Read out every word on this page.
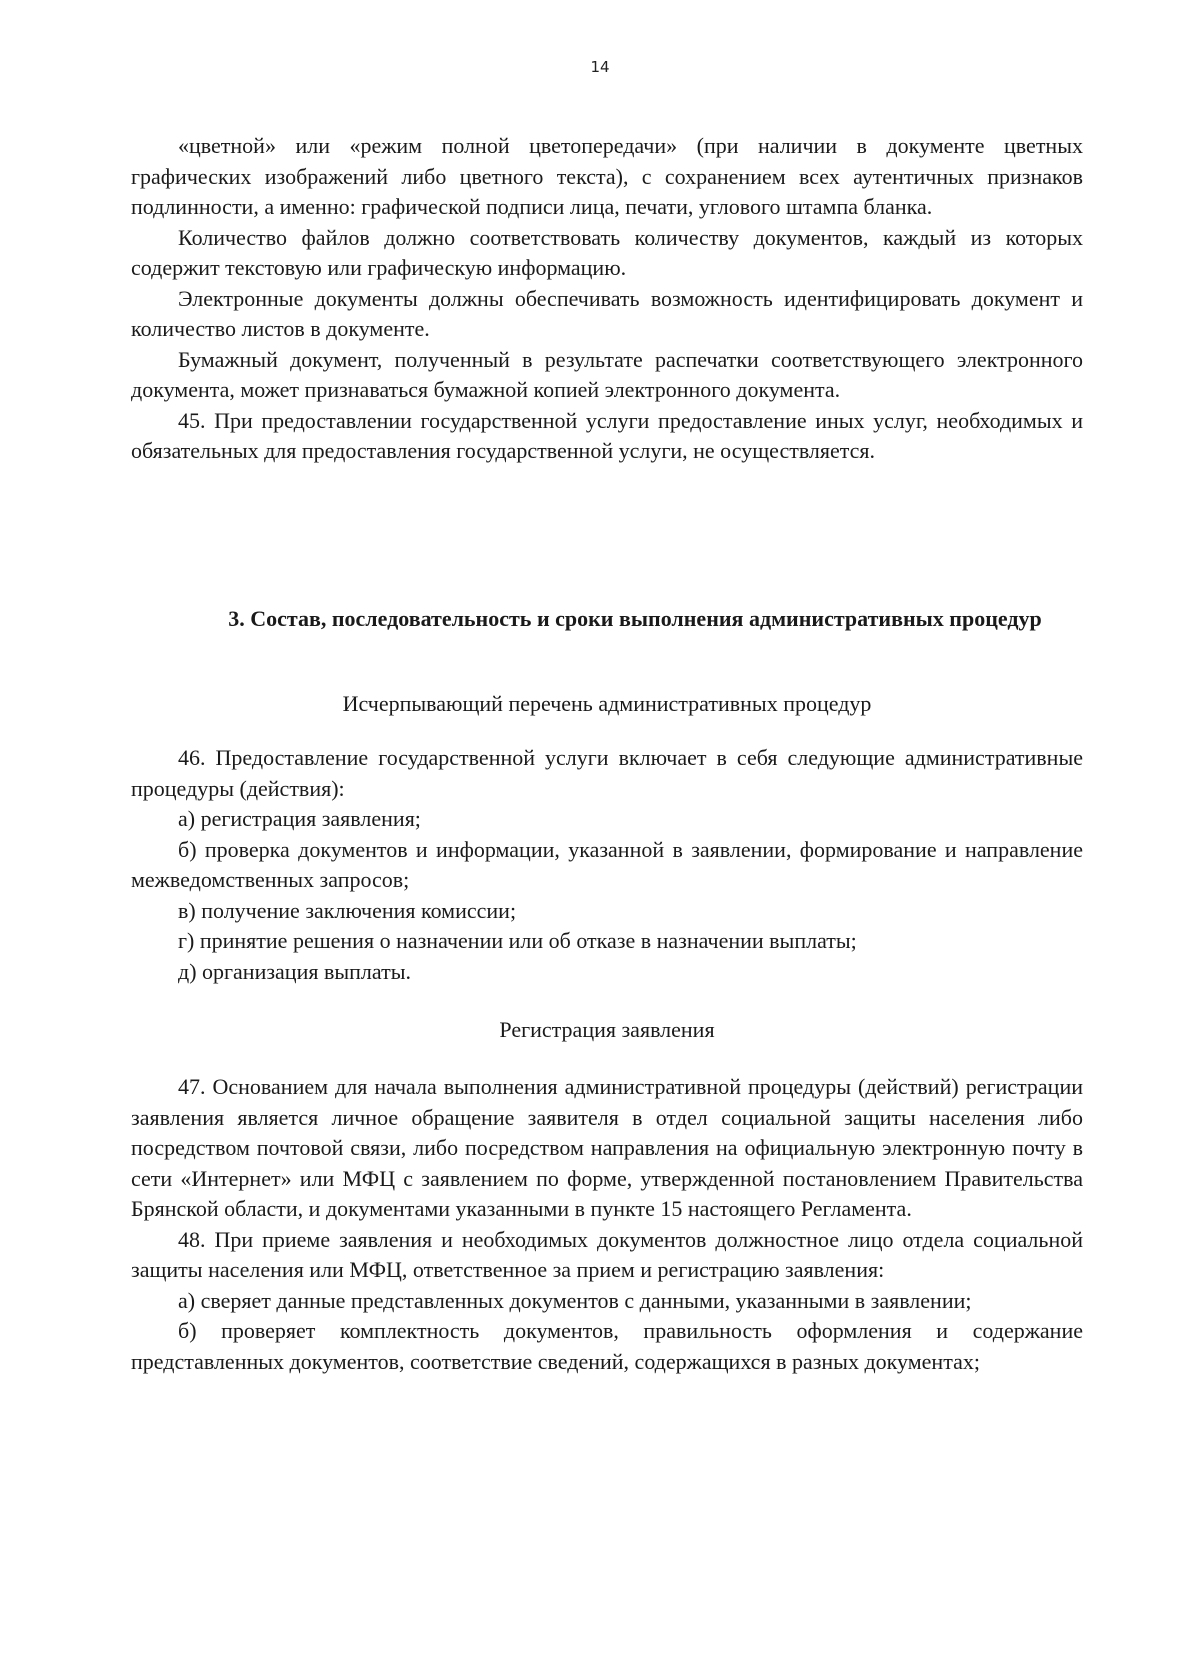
14

«цветной» или «режим полной цветопередачи» (при наличии в документе цветных графических изображений либо цветного текста), с сохранением всех аутентичных признаков подлинности, а именно: графической подписи лица, печати, углового штампа бланка.

Количество файлов должно соответствовать количеству документов, каждый из которых содержит текстовую или графическую информацию.

Электронные документы должны обеспечивать возможность идентифицировать документ и количество листов в документе.

Бумажный документ, полученный в результате распечатки соответствующего электронного документа, может признаваться бумажной копией электронного документа.

45. При предоставлении государственной услуги предоставление иных услуг, необходимых и обязательных для предоставления государственной услуги, не осуществляется.

3. Состав, последовательность и сроки выполнения административных процедур
Исчерпывающий перечень административных процедур

46. Предоставление государственной услуги включает в себя следующие административные процедуры (действия):

а) регистрация заявления;

б) проверка документов и информации, указанной в заявлении, формирование и направление межведомственных запросов;

в) получение заключения комиссии;

г) принятие решения о назначении или об отказе в назначении выплаты;

д) организация выплаты.

Регистрация заявления

47. Основанием для начала выполнения административной процедуры (действий) регистрации заявления является личное обращение заявителя в отдел социальной защиты населения либо посредством почтовой связи, либо посредством направления на официальную электронную почту в сети «Интернет» или МФЦ с заявлением по форме, утвержденной постановлением Правительства Брянской области, и документами указанными в пункте 15 настоящего Регламента.

48. При приеме заявления и необходимых документов должностное лицо отдела социальной защиты населения или МФЦ, ответственное за прием и регистрацию заявления:

а) сверяет данные представленных документов с данными, указанными в заявлении;

б) проверяет комплектность документов, правильность оформления и содержание представленных документов, соответствие сведений, содержащихся в разных документах;
